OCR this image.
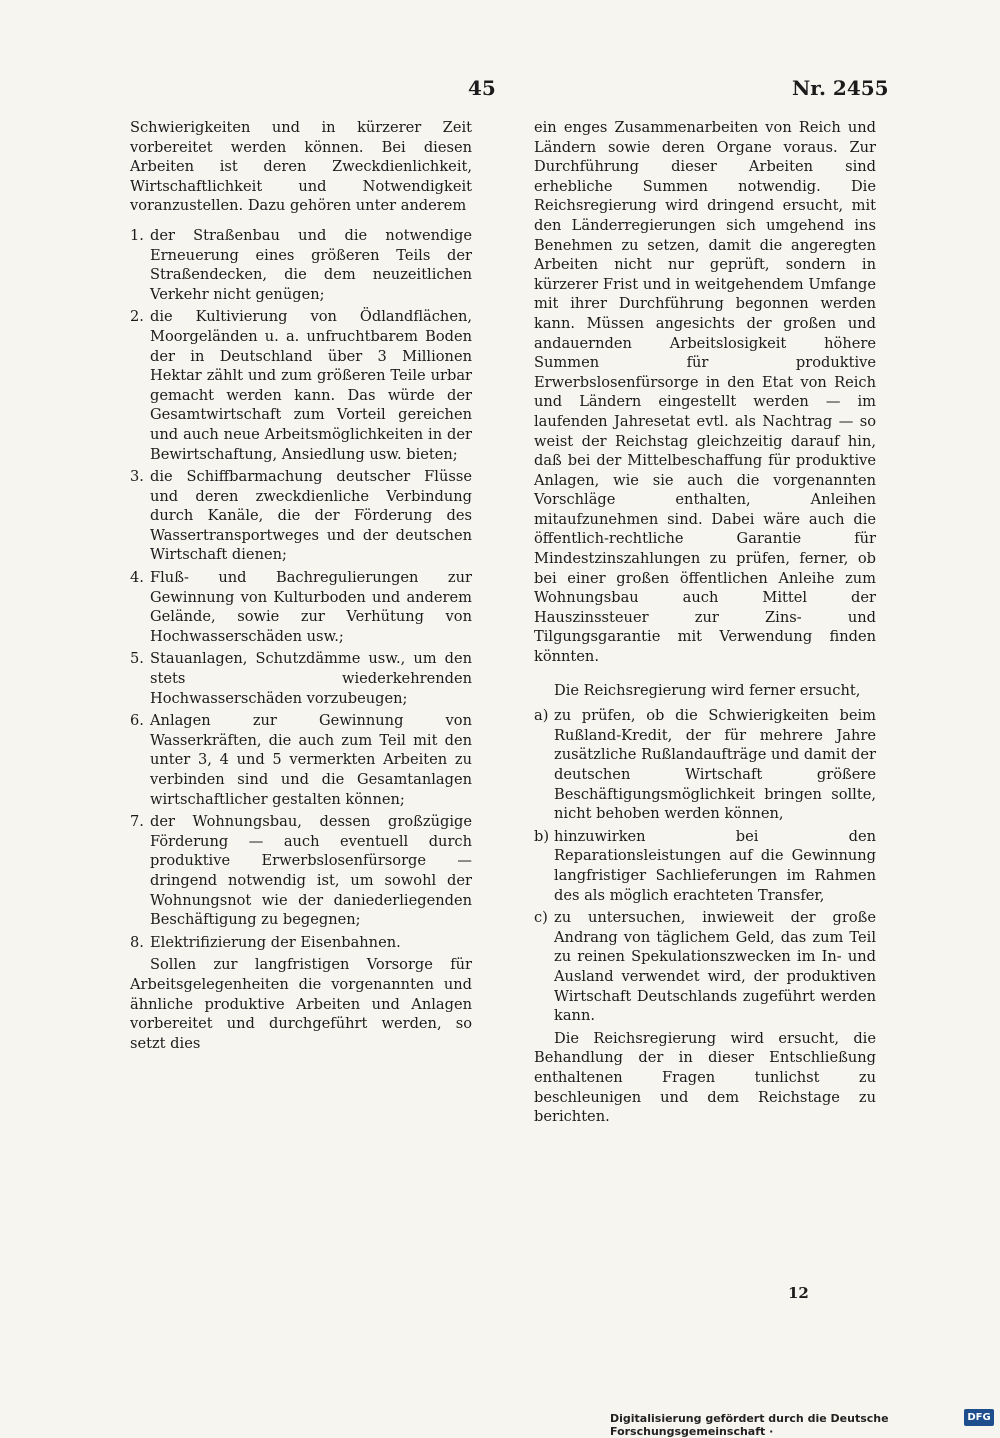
45	Nr. 2455

Schwierigkeiten und in kürzerer Zeit vorbereitet werden können. Bei diesen Arbeiten ist deren Zweckdienlichkeit, Wirtschaftlichkeit und Notwendigkeit voranzustellen. Dazu gehören unter anderem

1. der Straßenbau und die notwendige Erneuerung eines größeren Teils der Straßendecken, die dem neuzeitlichen Verkehr nicht genügen;
2. die Kultivierung von Ödlandflächen, Moorgeländen u. a. unfruchtbarem Boden der in Deutschland über 3 Millionen Hektar zählt und zum größeren Teile urbar gemacht werden kann. Das würde der Gesamtwirtschaft zum Vorteil gereichen und auch neue Arbeitsmöglichkeiten in der Bewirtschaftung, Ansiedlung usw. bieten;
3. die Schiffbarmachung deutscher Flüsse und deren zweckdienliche Verbindung durch Kanäle, die der Förderung des Wassertransportweges und der deutschen Wirtschaft dienen;
4. Fluß- und Bachregulierungen zur Gewinnung von Kulturboden und anderem Gelände, sowie zur Verhütung von Hochwasserschäden usw.;
5. Stauanlagen, Schutzdämme usw., um den stets wiederkehrenden Hochwasserschäden vorzubeugen;
6. Anlagen zur Gewinnung von Wasserkräften, die auch zum Teil mit den unter 3, 4 und 5 vermerkten Arbeiten zu verbinden sind und die Gesamtanlagen wirtschaftlicher gestalten können;
7. der Wohnungsbau, dessen großzügige Förderung — auch eventuell durch produktive Erwerbslosenfürsorge — dringend notwendig ist, um sowohl der Wohnungsnot wie der daniederliegenden Beschäftigung zu begegnen;
8. Elektrifizierung der Eisenbahnen.

Sollen zur langfristigen Vorsorge für Arbeitsgelegenheiten die vorgenannten und ähnliche produktive Arbeiten und Anlagen vorbereitet und durchgeführt werden, so setzt dies

ein enges Zusammenarbeiten von Reich und Ländern sowie deren Organe voraus. Zur Durchführung dieser Arbeiten sind erhebliche Summen notwendig. Die Reichsregierung wird dringend ersucht, mit den Länderregierungen sich umgehend ins Benehmen zu setzen, damit die angeregten Arbeiten nicht nur geprüft, sondern in kürzerer Frist und in weitgehendem Umfange mit ihrer Durchführung begonnen werden kann. Müssen angesichts der großen und andauernden Arbeitslosigkeit höhere Summen für produktive Erwerbslosenfürsorge in den Etat von Reich und Ländern eingestellt werden — im laufenden Jahresetat evtl. als Nachtrag — so weist der Reichstag gleichzeitig darauf hin, daß bei der Mittelbeschaffung für produktive Anlagen, wie sie auch die vorgenannten Vorschläge enthalten, Anleihen mitaufzunehmen sind. Dabei wäre auch die öffentlich-rechtliche Garantie für Mindestzinszahlungen zu prüfen, ferner, ob bei einer großen öffentlichen Anleihe zum Wohnungsbau auch Mittel der Hauszinssteuer zur Zins- und Tilgungsgarantie mit Verwendung finden könnten.

Die Reichsregierung wird ferner ersucht,

a) zu prüfen, ob die Schwierigkeiten beim Rußland-Kredit, der für mehrere Jahre zusätzliche Rußlandaufträge und damit der deutschen Wirtschaft größere Beschäftigungsmöglichkeit bringen sollte, nicht behoben werden können,
b) hinzuwirken bei den Reparationsleistungen auf die Gewinnung langfristiger Sachlieferungen im Rahmen des als möglich erachteten Transfer,
c) zu untersuchen, inwieweit der große Andrang von täglichem Geld, das zum Teil zu reinen Spekulationszwecken im In- und Ausland verwendet wird, der produktiven Wirtschaft Deutschlands zugeführt werden kann.

Die Reichsregierung wird ersucht, die Behandlung der in dieser Entschließung enthaltenen Fragen tunlichst zu beschleunigen und dem Reichstage zu berichten.

12
Digitalisierung gefördert durch die Deutsche Forschungsgemeinschaft ·
DFG
